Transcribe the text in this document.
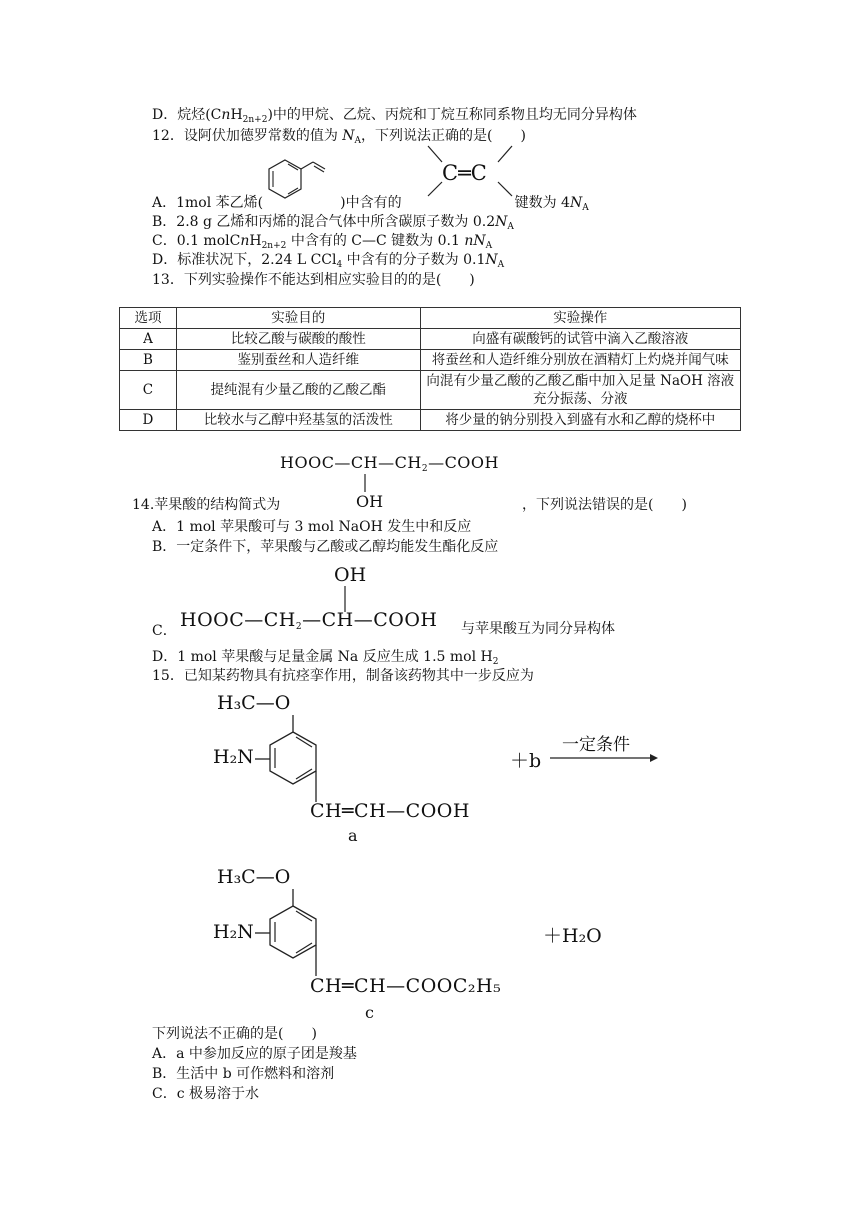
D．烷烃(CnH$_{2n+2}$)中的甲烷、乙烷、丙烷和丁烷互称同系物且均无同分异构体
12．设阿伏加德罗常数的值为 $N_A$，下列说法正确的是(　　)
C═C
A．1mol 苯乙烯(	)中含有的	键数为 $4N_A$
B．2.8 g 乙烯和丙烯的混合气体中所含碳原子数为 $0.2N_A$
C．0.1 molCnH$_{2n+2}$ 中含有的 C—C 键数为 0.1 $nN_A$
D．标准状况下，2.24 L CCl$_4$ 中含有的分子数为 $0.1N_A$
13．下列实验操作不能达到相应实验目的的是(　　)
选项	实验目的	实验操作
A	比较乙酸与碳酸的酸性	向盛有碳酸钙的试管中滴入乙酸溶液
B	鉴别蚕丝和人造纤维	将蚕丝和人造纤维分别放在酒精灯上灼烧并闻气味
C	提纯混有少量乙酸的乙酸乙酯	向混有少量乙酸的乙酸乙酯中加入足量 NaOH 溶液充分振荡、分液
D	比较水与乙醇中羟基氢的活泼性	将少量的钠分别投入到盛有水和乙醇的烧杯中
HOOC—CH—CH2—COOH
OH
14.苹果酸的结构简式为	，下列说法错误的是(　　)
A．1 mol 苹果酸可与 3 mol NaOH 发生中和反应
B．一定条件下，苹果酸与乙酸或乙醇均能发生酯化反应
OH
C． HOOC—CH2—CH—COOH 与苹果酸互为同分异构体
D．1 mol 苹果酸与足量金属 Na 反应生成 1.5 mol $H_2$
15．已知某药物具有抗痉挛作用，制备该药物其中一步反应为
H₃C—O
H₂N
CH═CH—COOH
a
＋b
一定条件
H₃C—O
H₂N
CH═CH—COOC₂H₅
c
＋H₂O
下列说法不正确的是(　　)
A．a 中参加反应的原子团是羧基
B．生活中 b 可作燃料和溶剂
C．c 极易溶于水
